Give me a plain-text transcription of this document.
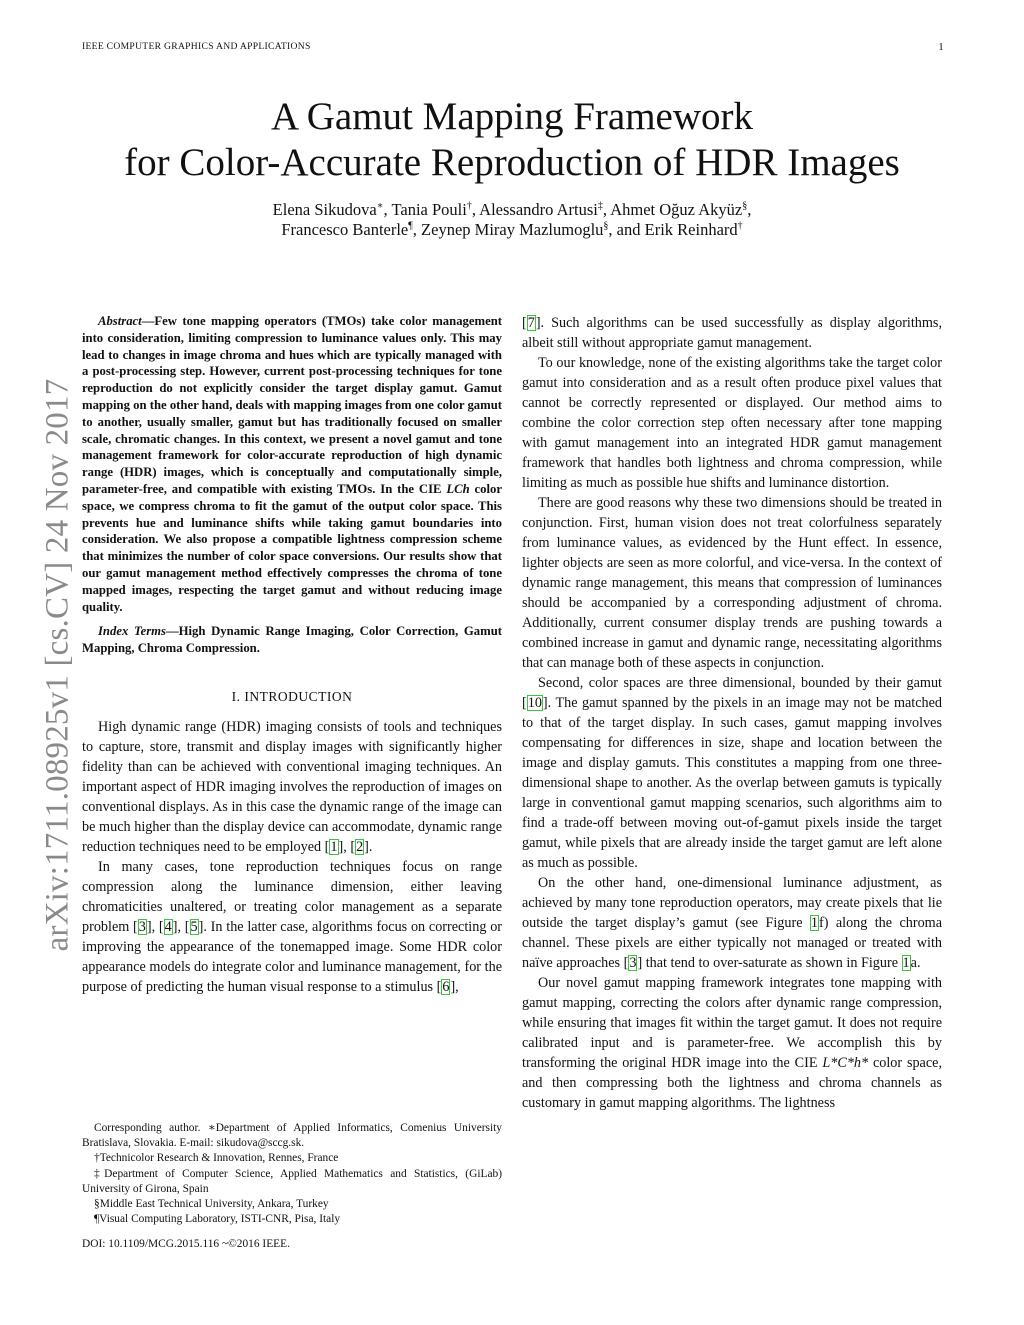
IEEE COMPUTER GRAPHICS AND APPLICATIONS	1
A Gamut Mapping Framework
for Color-Accurate Reproduction of HDR Images
Elena Sikudova∗, Tania Pouli†, Alessandro Artusi‡, Ahmet Oğuz Akyüz§,
Francesco Banterle¶, Zeynep Miray Mazlumoglu§, and Erik Reinhard†
arXiv:1711.08925v1 [cs.CV] 24 Nov 2017

Abstract—Few tone mapping operators (TMOs) take color management into consideration, limiting compression to luminance values only. This may lead to changes in image chroma and hues which are typically managed with a post-processing step. However, current post-processing techniques for tone reproduction do not explicitly consider the target display gamut. Gamut mapping on the other hand, deals with mapping images from one color gamut to another, usually smaller, gamut but has traditionally focused on smaller scale, chromatic changes. In this context, we present a novel gamut and tone management framework for color-accurate reproduction of high dynamic range (HDR) images, which is conceptually and computationally simple, parameter-free, and compatible with existing TMOs. In the CIE LCh color space, we compress chroma to fit the gamut of the output color space. This prevents hue and luminance shifts while taking gamut boundaries into consideration. We also propose a compatible lightness compression scheme that minimizes the number of color space conversions. Our results show that our gamut management method effectively compresses the chroma of tone mapped images, respecting the target gamut and without reducing image quality.

Index Terms—High Dynamic Range Imaging, Color Correction, Gamut Mapping, Chroma Compression.

I. INTRODUCTION

High dynamic range (HDR) imaging consists of tools and techniques to capture, store, transmit and display images with significantly higher fidelity than can be achieved with conventional imaging techniques. An important aspect of HDR imaging involves the reproduction of images on conventional displays. As in this case the dynamic range of the image can be much higher than the display device can accommodate, dynamic range reduction techniques need to be employed [1], [2].

In many cases, tone reproduction techniques focus on range compression along the luminance dimension, either leaving chromaticities unaltered, or treating color management as a separate problem [3], [4], [5]. In the latter case, algorithms focus on correcting or improving the appearance of the tonemapped image. Some HDR color appearance models do integrate color and luminance management, for the purpose of predicting the human visual response to a stimulus [6],

Corresponding author. ∗Department of Applied Informatics, Comenius University Bratislava, Slovakia. E-mail: sikudova@sccg.sk.

†Technicolor Research & Innovation, Rennes, France

‡Department of Computer Science, Applied Mathematics and Statistics, (GiLab) University of Girona, Spain

§Middle East Technical University, Ankara, Turkey

¶Visual Computing Laboratory, ISTI-CNR, Pisa, Italy

DOI: 10.1109/MCG.2015.116 ~©2016 IEEE.

[7]. Such algorithms can be used successfully as display algorithms, albeit still without appropriate gamut management.

To our knowledge, none of the existing algorithms take the target color gamut into consideration and as a result often produce pixel values that cannot be correctly represented or displayed. Our method aims to combine the color correction step often necessary after tone mapping with gamut management into an integrated HDR gamut management framework that handles both lightness and chroma compression, while limiting as much as possible hue shifts and luminance distortion.

There are good reasons why these two dimensions should be treated in conjunction. First, human vision does not treat colorfulness separately from luminance values, as evidenced by the Hunt effect. In essence, lighter objects are seen as more colorful, and vice-versa. In the context of dynamic range management, this means that compression of luminances should be accompanied by a corresponding adjustment of chroma. Additionally, current consumer display trends are pushing towards a combined increase in gamut and dynamic range, necessitating algorithms that can manage both of these aspects in conjunction.

Second, color spaces are three dimensional, bounded by their gamut [10]. The gamut spanned by the pixels in an image may not be matched to that of the target display. In such cases, gamut mapping involves compensating for differences in size, shape and location between the image and display gamuts. This constitutes a mapping from one three-dimensional shape to another. As the overlap between gamuts is typically large in conventional gamut mapping scenarios, such algorithms aim to find a trade-off between moving out-of-gamut pixels inside the target gamut, while pixels that are already inside the target gamut are left alone as much as possible.

On the other hand, one-dimensional luminance adjustment, as achieved by many tone reproduction operators, may create pixels that lie outside the target display’s gamut (see Figure 1f) along the chroma channel. These pixels are either typically not managed or treated with naïve approaches [3] that tend to over-saturate as shown in Figure 1a.

Our novel gamut mapping framework integrates tone mapping with gamut mapping, correcting the colors after dynamic range compression, while ensuring that images fit within the target gamut. It does not require calibrated input and is parameter-free. We accomplish this by transforming the original HDR image into the CIE L*C*h* color space, and then compressing both the lightness and chroma channels as customary in gamut mapping algorithms. The lightness
